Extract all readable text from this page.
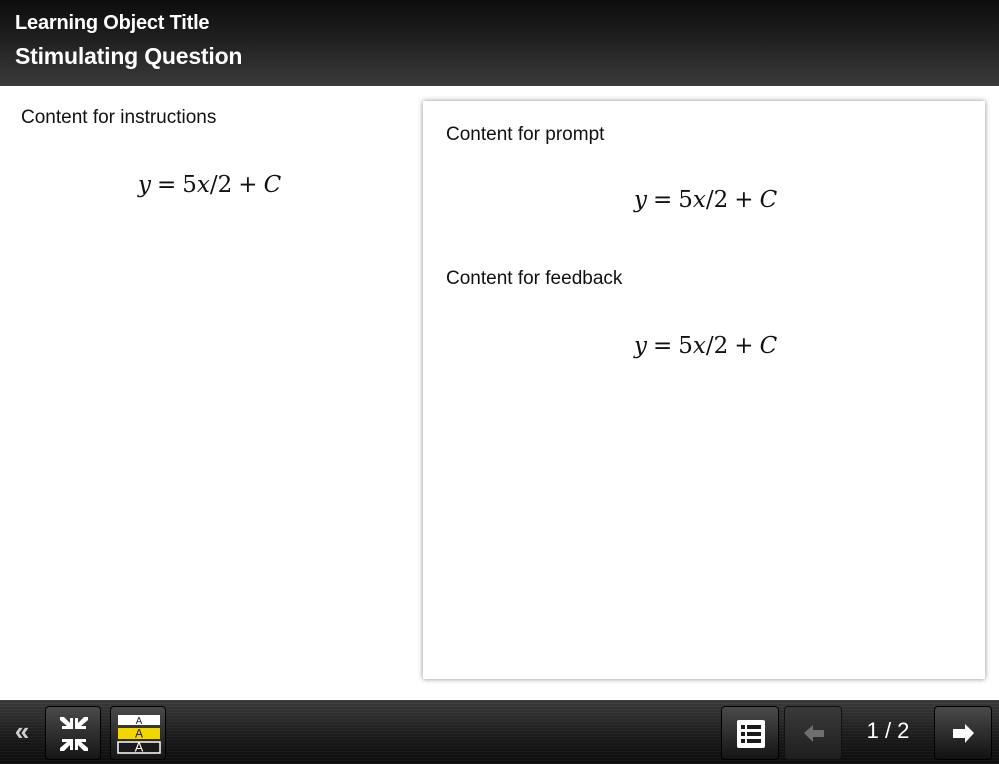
Learning Object Title
Stimulating Question
Content for instructions
y = 5x/2 + C
Content for prompt
y = 5x/2 + C
Content for feedback
y = 5x/2 + C
«	A
A
A
1 / 2
